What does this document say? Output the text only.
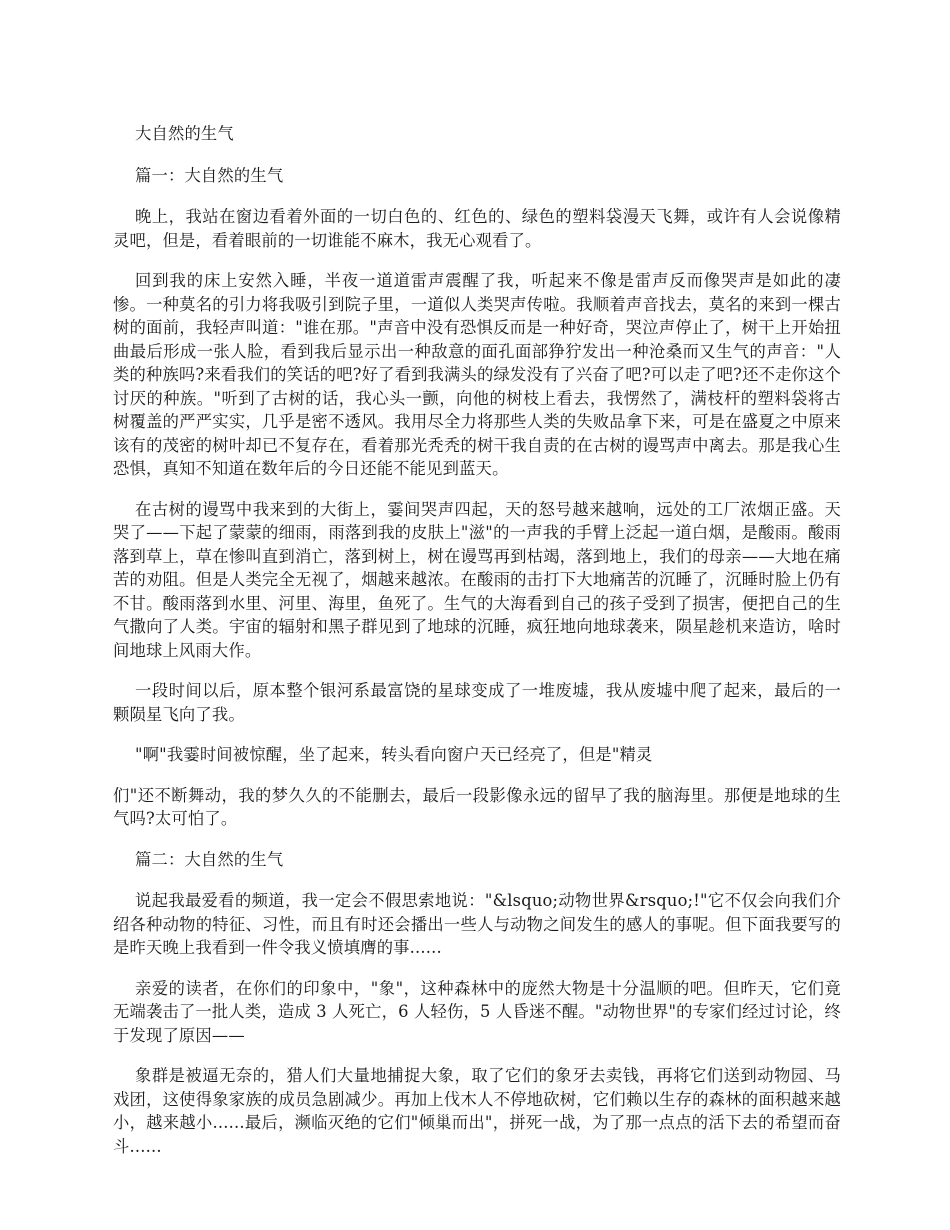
大自然的生气

篇一：大自然的生气

晚上，我站在窗边看着外面的一切白色的、红色的、绿色的塑料袋漫天飞舞，或许有人会说像精灵吧，但是，看着眼前的一切谁能不麻木，我无心观看了。

回到我的床上安然入睡，半夜一道道雷声震醒了我，听起来不像是雷声反而像哭声是如此的凄惨。一种莫名的引力将我吸引到院子里，一道似人类哭声传啦。我顺着声音找去，莫名的来到一棵古树的面前，我轻声叫道："谁在那。"声音中没有恐惧反而是一种好奇，哭泣声停止了，树干上开始扭曲最后形成一张人脸，看到我后显示出一种敌意的面孔面部狰狞发出一种沧桑而又生气的声音："人类的种族吗?来看我们的笑话的吧?好了看到我满头的绿发没有了兴奋了吧?可以走了吧?还不走你这个讨厌的种族。"听到了古树的话，我心头一颤，向他的树枝上看去，我愣然了，满枝杆的塑料袋将古树覆盖的严严实实，几乎是密不透风。我用尽全力将那些人类的失败品拿下来，可是在盛夏之中原来该有的茂密的树叶却已不复存在，看着那光秃秃的树干我自责的在古树的谩骂声中离去。那是我心生恐惧，真知不知道在数年后的今日还能不能见到蓝天。

在古树的谩骂中我来到的大街上，霎间哭声四起，天的怒号越来越响，远处的工厂浓烟正盛。天哭了——下起了蒙蒙的细雨，雨落到我的皮肤上"滋"的一声我的手臂上泛起一道白烟，是酸雨。酸雨落到草上，草在惨叫直到消亡，落到树上，树在谩骂再到枯竭，落到地上，我们的母亲——大地在痛苦的劝阻。但是人类完全无视了，烟越来越浓。在酸雨的击打下大地痛苦的沉睡了，沉睡时脸上仍有不甘。酸雨落到水里、河里、海里，鱼死了。生气的大海看到自己的孩子受到了损害，便把自己的生气撒向了人类。宇宙的辐射和黑子群见到了地球的沉睡，疯狂地向地球袭来，陨星趁机来造访，啥时间地球上风雨大作。

一段时间以后，原本整个银河系最富饶的星球变成了一堆废墟，我从废墟中爬了起来，最后的一颗陨星飞向了我。

"啊"我霎时间被惊醒，坐了起来，转头看向窗户天已经亮了，但是"精灵

们"还不断舞动，我的梦久久的不能删去，最后一段影像永远的留早了我的脑海里。那便是地球的生气吗?太可怕了。

篇二：大自然的生气

说起我最爱看的频道，我一定会不假思索地说："&lsquo;动物世界&rsquo;!"它不仅会向我们介绍各种动物的特征、习性，而且有时还会播出一些人与动物之间发生的感人的事呢。但下面我要写的是昨天晚上我看到一件令我义愤填膺的事......

亲爱的读者，在你们的印象中，"象"，这种森林中的庞然大物是十分温顺的吧。但昨天，它们竟无端袭击了一批人类，造成 3 人死亡，6 人轻伤，5 人昏迷不醒。"动物世界"的专家们经过讨论，终于发现了原因——

象群是被逼无奈的，猎人们大量地捕捉大象，取了它们的象牙去卖钱，再将它们送到动物园、马戏团，这使得象家族的成员急剧减少。再加上伐木人不停地砍树，它们赖以生存的森林的面积越来越小，越来越小......最后，濒临灭绝的它们"倾巢而出"，拼死一战，为了那一点点的活下去的希望而奋斗......
